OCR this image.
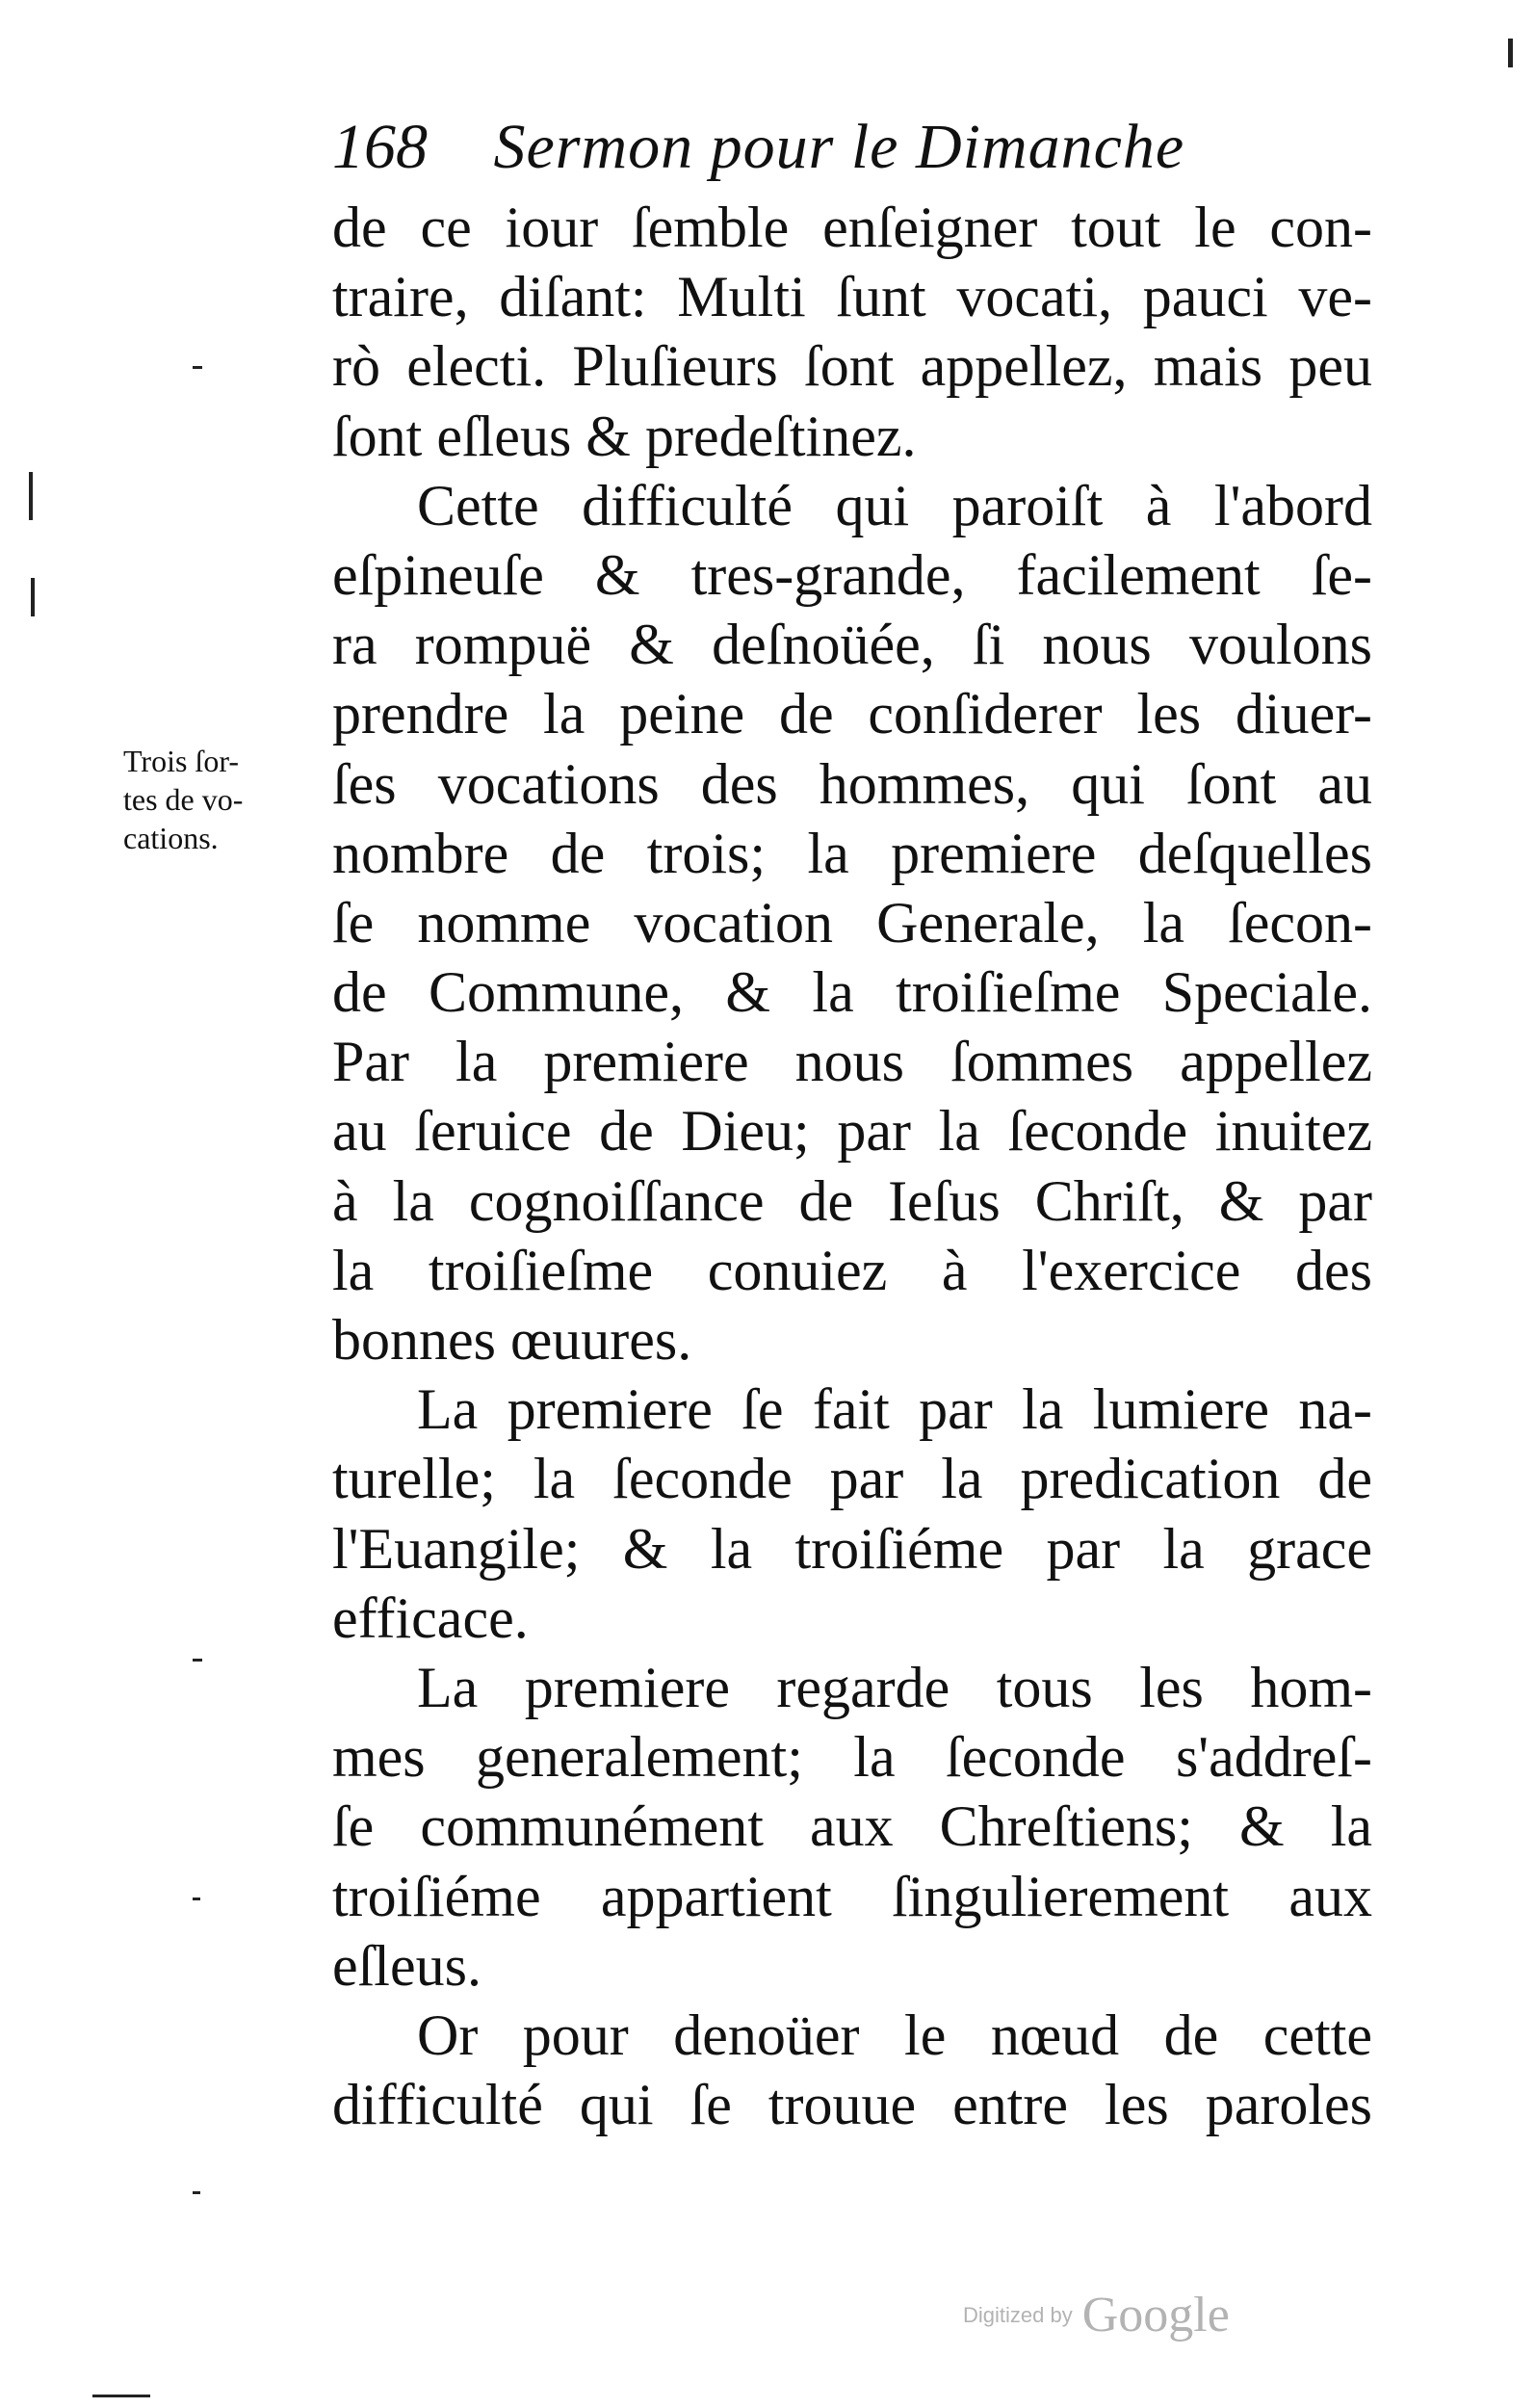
168 Sermon pour le Dimanche
Trois ſor-
tes de vo-
cations.
de ce iour ſemble enſeigner tout le con-
traire, diſant: Multi ſunt vocati, pauci ve-
rò electi. Pluſieurs ſont appellez, mais peu
ſont eſleus & predeſtinez.
Cette difficulté qui paroiſt à l'abord
eſpineuſe & tres-grande, facilement ſe-
ra rompuë & deſnoüée, ſi nous voulons
prendre la peine de conſiderer les diuer-
ſes vocations des hommes, qui ſont au
nombre de trois; la premiere deſquelles
ſe nomme vocation Generale, la ſecon-
de Commune, & la troiſieſme Speciale.
Par la premiere nous ſommes appellez
au ſeruice de Dieu; par la ſeconde inuitez
à la cognoiſſance de Ieſus Chriſt, & par
la troiſieſme conuiez à l'exercice des
bonnes œuures.
La premiere ſe fait par la lumiere na-
turelle; la ſeconde par la predication de
l'Euangile; & la troiſiéme par la grace
efficace.
La premiere regarde tous les hom-
mes generalement; la ſeconde s'addreſ-
ſe communément aux Chreſtiens; & la
troiſiéme appartient ſingulierement aux
eſleus.
Or pour denoüer le nœud de cette
difficulté qui ſe trouue entre les paroles
Digitized by Google
